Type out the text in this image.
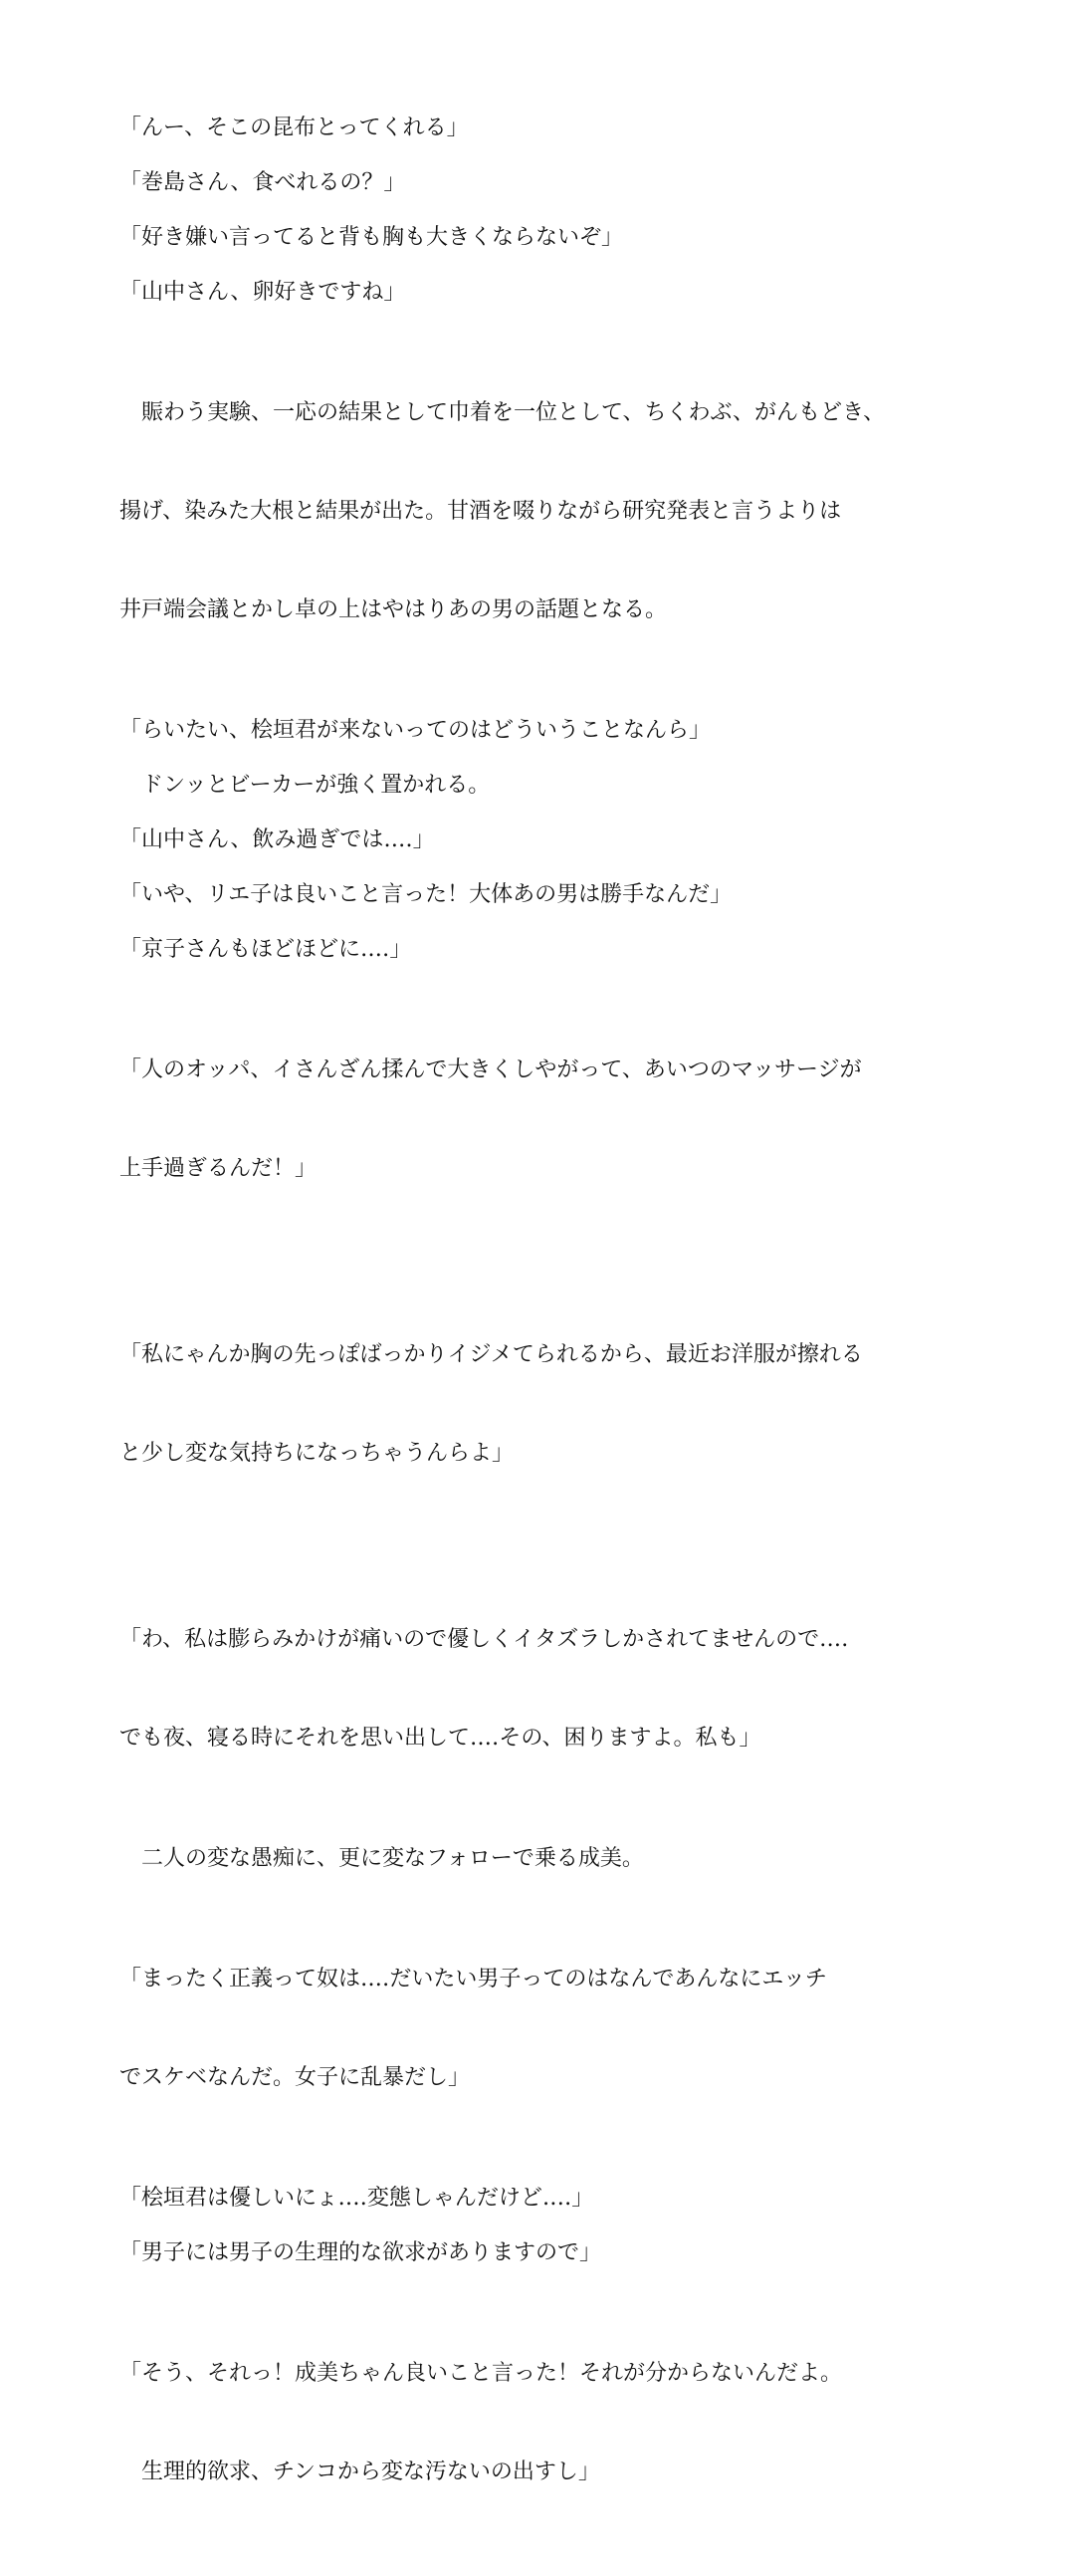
「んー、そこの昆布とってくれる」
「巻島さん、食べれるの？」
「好き嫌い言ってると背も胸も大きくならないぞ」
「山中さん、卵好きですね」

　賑わう実験、一応の結果として巾着を一位として、ちくわぶ、がんもどき、

揚げ、染みた大根と結果が出た。甘酒を啜りながら研究発表と言うよりは

井戸端会議とかし卓の上はやはりあの男の話題となる。

「らいたい、桧垣君が来ないってのはどういうことなんら」
　ドンッとビーカーが強く置かれる。
「山中さん、飲み過ぎでは‥‥」
「いや、リエ子は良いこと言った！大体あの男は勝手なんだ」
「京子さんもほどほどに‥‥」

「人のオッパ、イさんざん揉んで大きくしやがって、あいつのマッサージが

上手過ぎるんだ！」

「私にゃんか胸の先っぽばっかりイジメてられるから、最近お洋服が擦れる

と少し変な気持ちになっちゃうんらよ」

「わ、私は膨らみかけが痛いので優しくイタズラしかされてませんので‥‥

でも夜、寝る時にそれを思い出して‥‥その、困りますよ。私も」

　二人の変な愚痴に、更に変なフォローで乗る成美。

「まったく正義って奴は‥‥だいたい男子ってのはなんであんなにエッチ

でスケベなんだ。女子に乱暴だし」

「桧垣君は優しいにょ‥‥変態しゃんだけど‥‥」
「男子には男子の生理的な欲求がありますので」

「そう、それっ！成美ちゃん良いこと言った！それが分からないんだよ。

　生理的欲求、チンコから変な汚ないの出すし」
